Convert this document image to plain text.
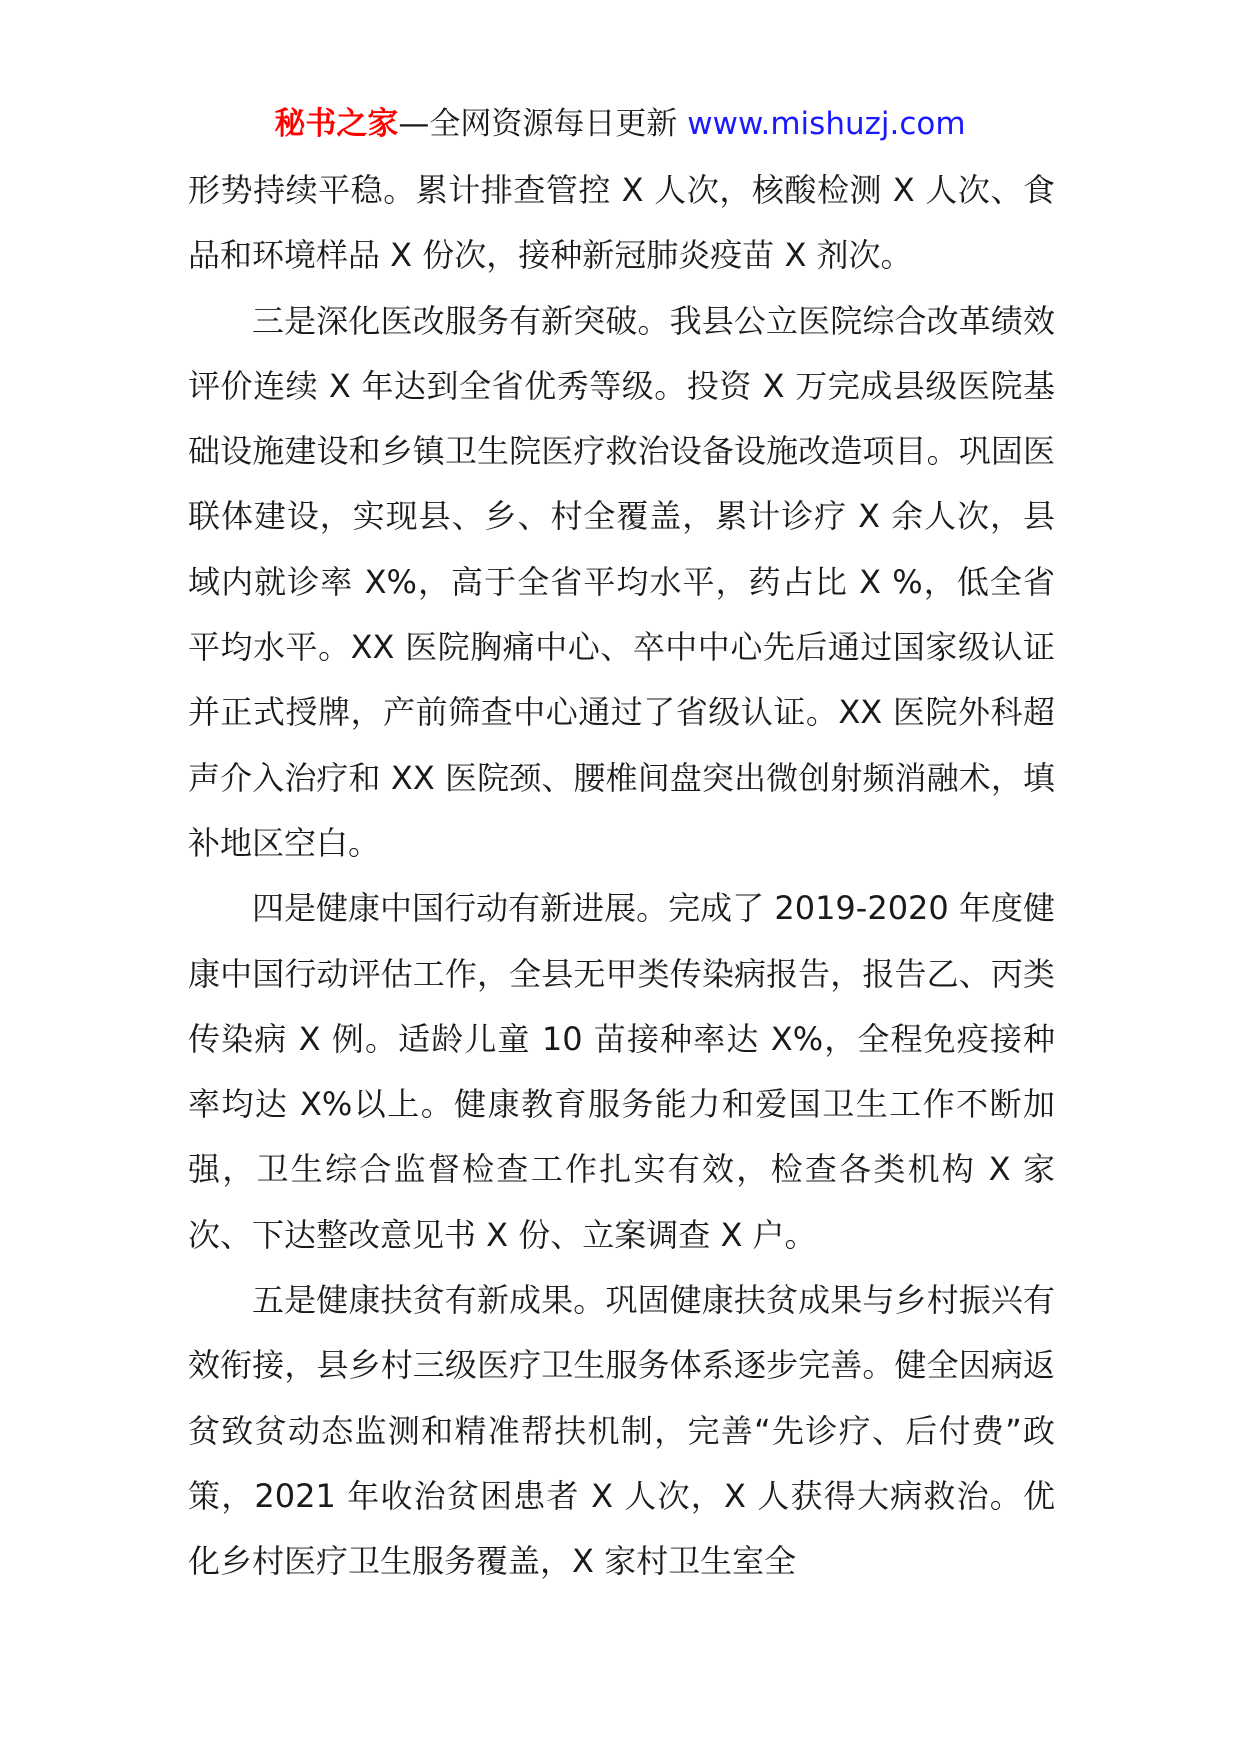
秘书之家—全网资源每日更新 www.mishuzj.com

形势持续平稳。累计排查管控 X 人次，核酸检测 X 人次、食品和环境样品 X 份次，接种新冠肺炎疫苗 X 剂次。

三是深化医改服务有新突破。我县公立医院综合改革绩效评价连续 X 年达到全省优秀等级。投资 X 万完成县级医院基础设施建设和乡镇卫生院医疗救治设备设施改造项目。巩固医联体建设，实现县、乡、村全覆盖，累计诊疗 X 余人次，县域内就诊率 X%，高于全省平均水平，药占比 X %，低全省平均水平。XX 医院胸痛中心、卒中中心先后通过国家级认证并正式授牌，产前筛查中心通过了省级认证。XX 医院外科超声介入治疗和 XX 医院颈、腰椎间盘突出微创射频消融术，填补地区空白。

四是健康中国行动有新进展。完成了 2019-2020 年度健康中国行动评估工作，全县无甲类传染病报告，报告乙、丙类传染病 X 例。适龄儿童 10 苗接种率达 X%，全程免疫接种率均达 X%以上。健康教育服务能力和爱国卫生工作不断加强，卫生综合监督检查工作扎实有效，检查各类机构 X 家次、下达整改意见书 X 份、立案调查 X 户。

五是健康扶贫有新成果。巩固健康扶贫成果与乡村振兴有效衔接，县乡村三级医疗卫生服务体系逐步完善。健全因病返贫致贫动态监测和精准帮扶机制，完善“先诊疗、后付费”政策，2021 年收治贫困患者 X 人次，X 人获得大病救治。优化乡村医疗卫生服务覆盖，X 家村卫生室全
